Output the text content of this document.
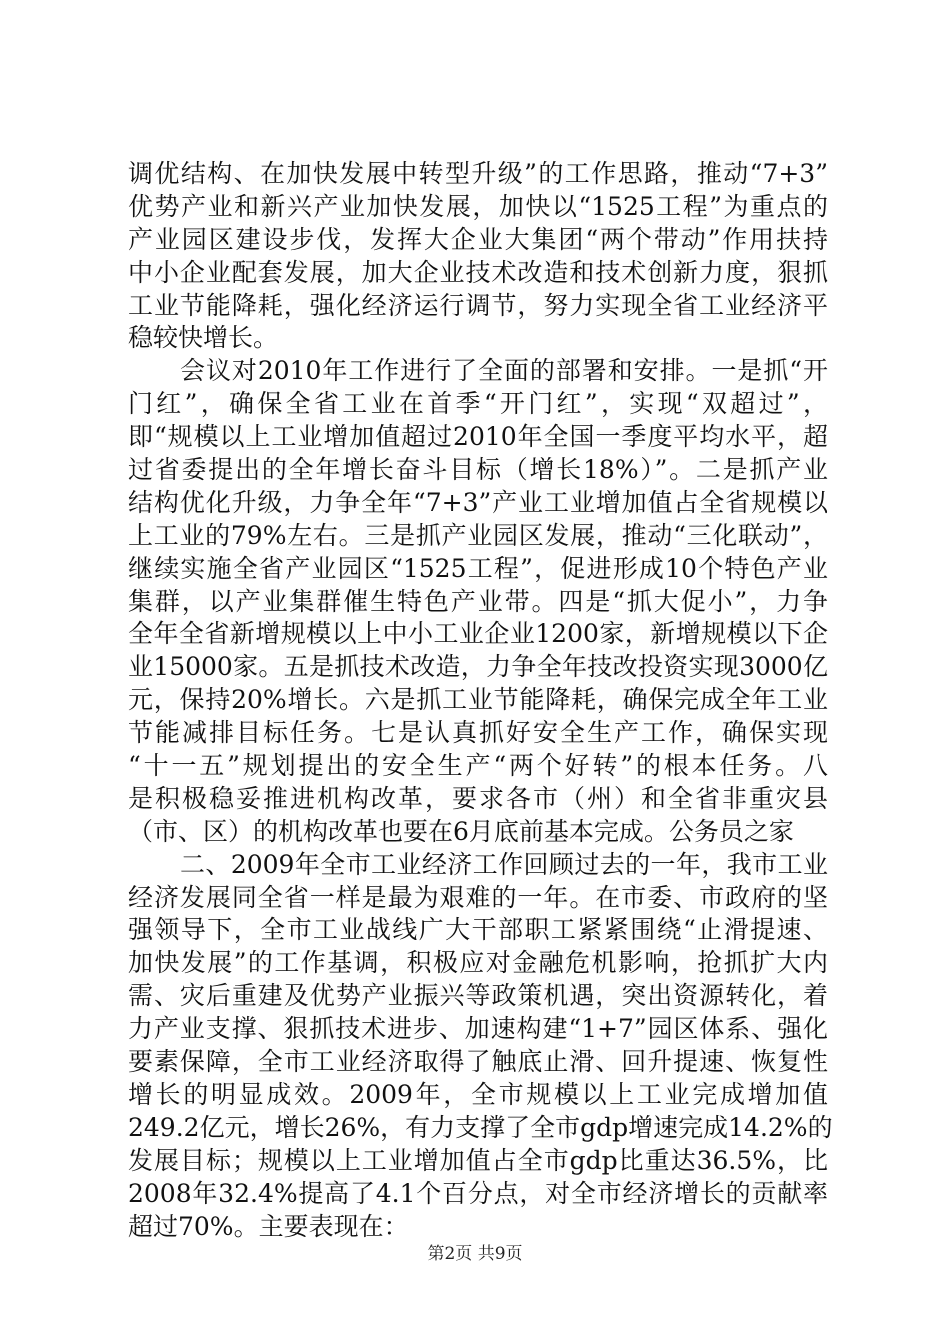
调优结构、在加快发展中转型升级”的工作思路，推动“7+3”
优势产业和新兴产业加快发展，加快以“1525工程”为重点的
产业园区建设步伐，发挥大企业大集团“两个带动”作用扶持
中小企业配套发展，加大企业技术改造和技术创新力度，狠抓
工业节能降耗，强化经济运行调节，努力实现全省工业经济平
稳较快增长。
会议对2010年工作进行了全面的部署和安排。一是抓“开
门红”，确保全省工业在首季“开门红”，实现“双超过”，
即“规模以上工业增加值超过2010年全国一季度平均水平，超
过省委提出的全年增长奋斗目标（增长18%）”。二是抓产业
结构优化升级，力争全年“7+3”产业工业增加值占全省规模以
上工业的79%左右。三是抓产业园区发展，推动“三化联动”，
继续实施全省产业园区“1525工程”，促进形成10个特色产业
集群，以产业集群催生特色产业带。四是“抓大促小”，力争
全年全省新增规模以上中小工业企业1200家，新增规模以下企
业15000家。五是抓技术改造，力争全年技改投资实现3000亿
元，保持20%增长。六是抓工业节能降耗，确保完成全年工业
节能减排目标任务。七是认真抓好安全生产工作，确保实现
“十一五”规划提出的安全生产“两个好转”的根本任务。八
是积极稳妥推进机构改革，要求各市（州）和全省非重灾县
（市、区）的机构改革也要在6月底前基本完成。公务员之家
二、2009年全市工业经济工作回顾过去的一年，我市工业
经济发展同全省一样是最为艰难的一年。在市委、市政府的坚
强领导下，全市工业战线广大干部职工紧紧围绕“止滑提速、
加快发展”的工作基调，积极应对金融危机影响，抢抓扩大内
需、灾后重建及优势产业振兴等政策机遇，突出资源转化，着
力产业支撑、狠抓技术进步、加速构建“1+7”园区体系、强化
要素保障，全市工业经济取得了触底止滑、回升提速、恢复性
增长的明显成效。2009年，全市规模以上工业完成增加值
249.2亿元，增长26%，有力支撑了全市gdp增速完成14.2%的
发展目标；规模以上工业增加值占全市gdp比重达36.5%，比
2008年32.4%提高了4.1个百分点，对全市经济增长的贡献率
超过70%。主要表现在：
第2页 共9页
